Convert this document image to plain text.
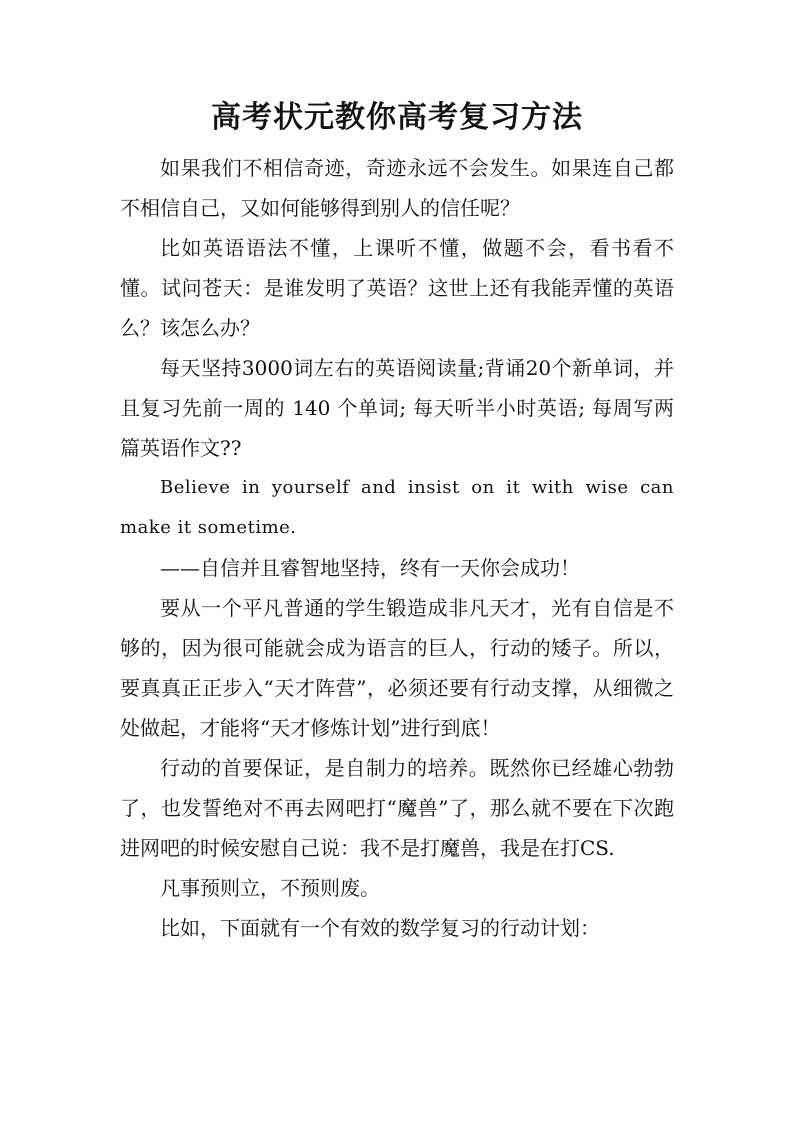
高考状元教你高考复习方法

如果我们不相信奇迹，奇迹永远不会发生。如果连自己都不相信自己，又如何能够得到别人的信任呢？

比如英语语法不懂，上课听不懂，做题不会，看书看不懂。试问苍天：是谁发明了英语？这世上还有我能弄懂的英语么？该怎么办？

每天坚持3000词左右的英语阅读量;背诵20个新单词，并且复习先前一周的 140 个单词; 每天听半小时英语; 每周写两篇英语作文??

Believe in yourself and insist on it with wise can make it sometime.

——自信并且睿智地坚持，终有一天你会成功！

要从一个平凡普通的学生锻造成非凡天才，光有自信是不够的，因为很可能就会成为语言的巨人，行动的矮子。所以，要真真正正步入“天才阵营”，必须还要有行动支撑，从细微之处做起，才能将“天才修炼计划”进行到底！

行动的首要保证，是自制力的培养。既然你已经雄心勃勃了，也发誓绝对不再去网吧打“魔兽”了，那么就不要在下次跑进网吧的时候安慰自己说：我不是打魔兽，我是在打CS.

凡事预则立，不预则废。

比如，下面就有一个有效的数学复习的行动计划：
